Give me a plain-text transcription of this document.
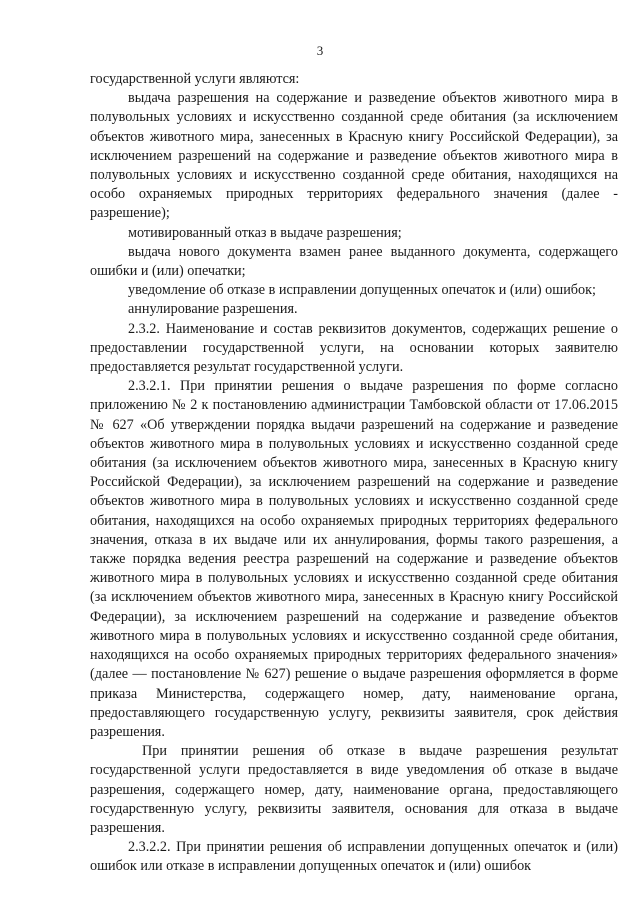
3

государственной услуги являются:

выдача разрешения на содержание и разведение объектов животного мира в полувольных условиях и искусственно созданной среде обитания (за исключением объектов животного мира, занесенных в Красную книгу Российской Федерации), за исключением разрешений на содержание и разведение объектов животного мира в полувольных условиях и искусственно созданной среде обитания, находящихся на особо охраняемых природных территориях федерального значения (далее - разрешение);

мотивированный отказ в выдаче разрешения;

выдача нового документа взамен ранее выданного документа, содержащего ошибки и (или) опечатки;

уведомление об отказе в исправлении допущенных опечаток и (или) ошибок;

аннулирование разрешения.

2.3.2. Наименование и состав реквизитов документов, содержащих решение о предоставлении государственной услуги, на основании которых заявителю предоставляется результат государственной услуги.

2.3.2.1. При принятии решения о выдаче разрешения по форме согласно приложению № 2 к постановлению администрации Тамбовской области от 17.06.2015 № 627 «Об утверждении порядка выдачи разрешений на содержание и разведение объектов животного мира в полувольных условиях и искусственно созданной среде обитания (за исключением объектов животного мира, занесенных в Красную книгу Российской Федерации), за исключением разрешений на содержание и разведение объектов животного мира в полувольных условиях и искусственно созданной среде обитания, находящихся на особо охраняемых природных территориях федерального значения, отказа в их выдаче или их аннулирования, формы такого разрешения, а также порядка ведения реестра разрешений на содержание и разведение объектов животного мира в полувольных условиях и искусственно созданной среде обитания (за исключением объектов животного мира, занесенных в Красную книгу Российской Федерации), за исключением разрешений на содержание и разведение объектов животного мира в полувольных условиях и искусственно созданной среде обитания, находящихся на особо охраняемых природных территориях федерального значения» (далее — постановление № 627) решение о выдаче разрешения оформляется в форме приказа Министерства, содержащего номер, дату, наименование органа, предоставляющего государственную услугу, реквизиты заявителя, срок действия разрешения.

При принятии решения об отказе в выдаче разрешения результат государственной услуги предоставляется в виде уведомления об отказе в выдаче разрешения, содержащего номер, дату, наименование органа, предоставляющего государственную услугу, реквизиты заявителя, основания для отказа в выдаче разрешения.

2.3.2.2. При принятии решения об исправлении допущенных опечаток и (или) ошибок или отказе в исправлении допущенных опечаток и (или) ошибок
